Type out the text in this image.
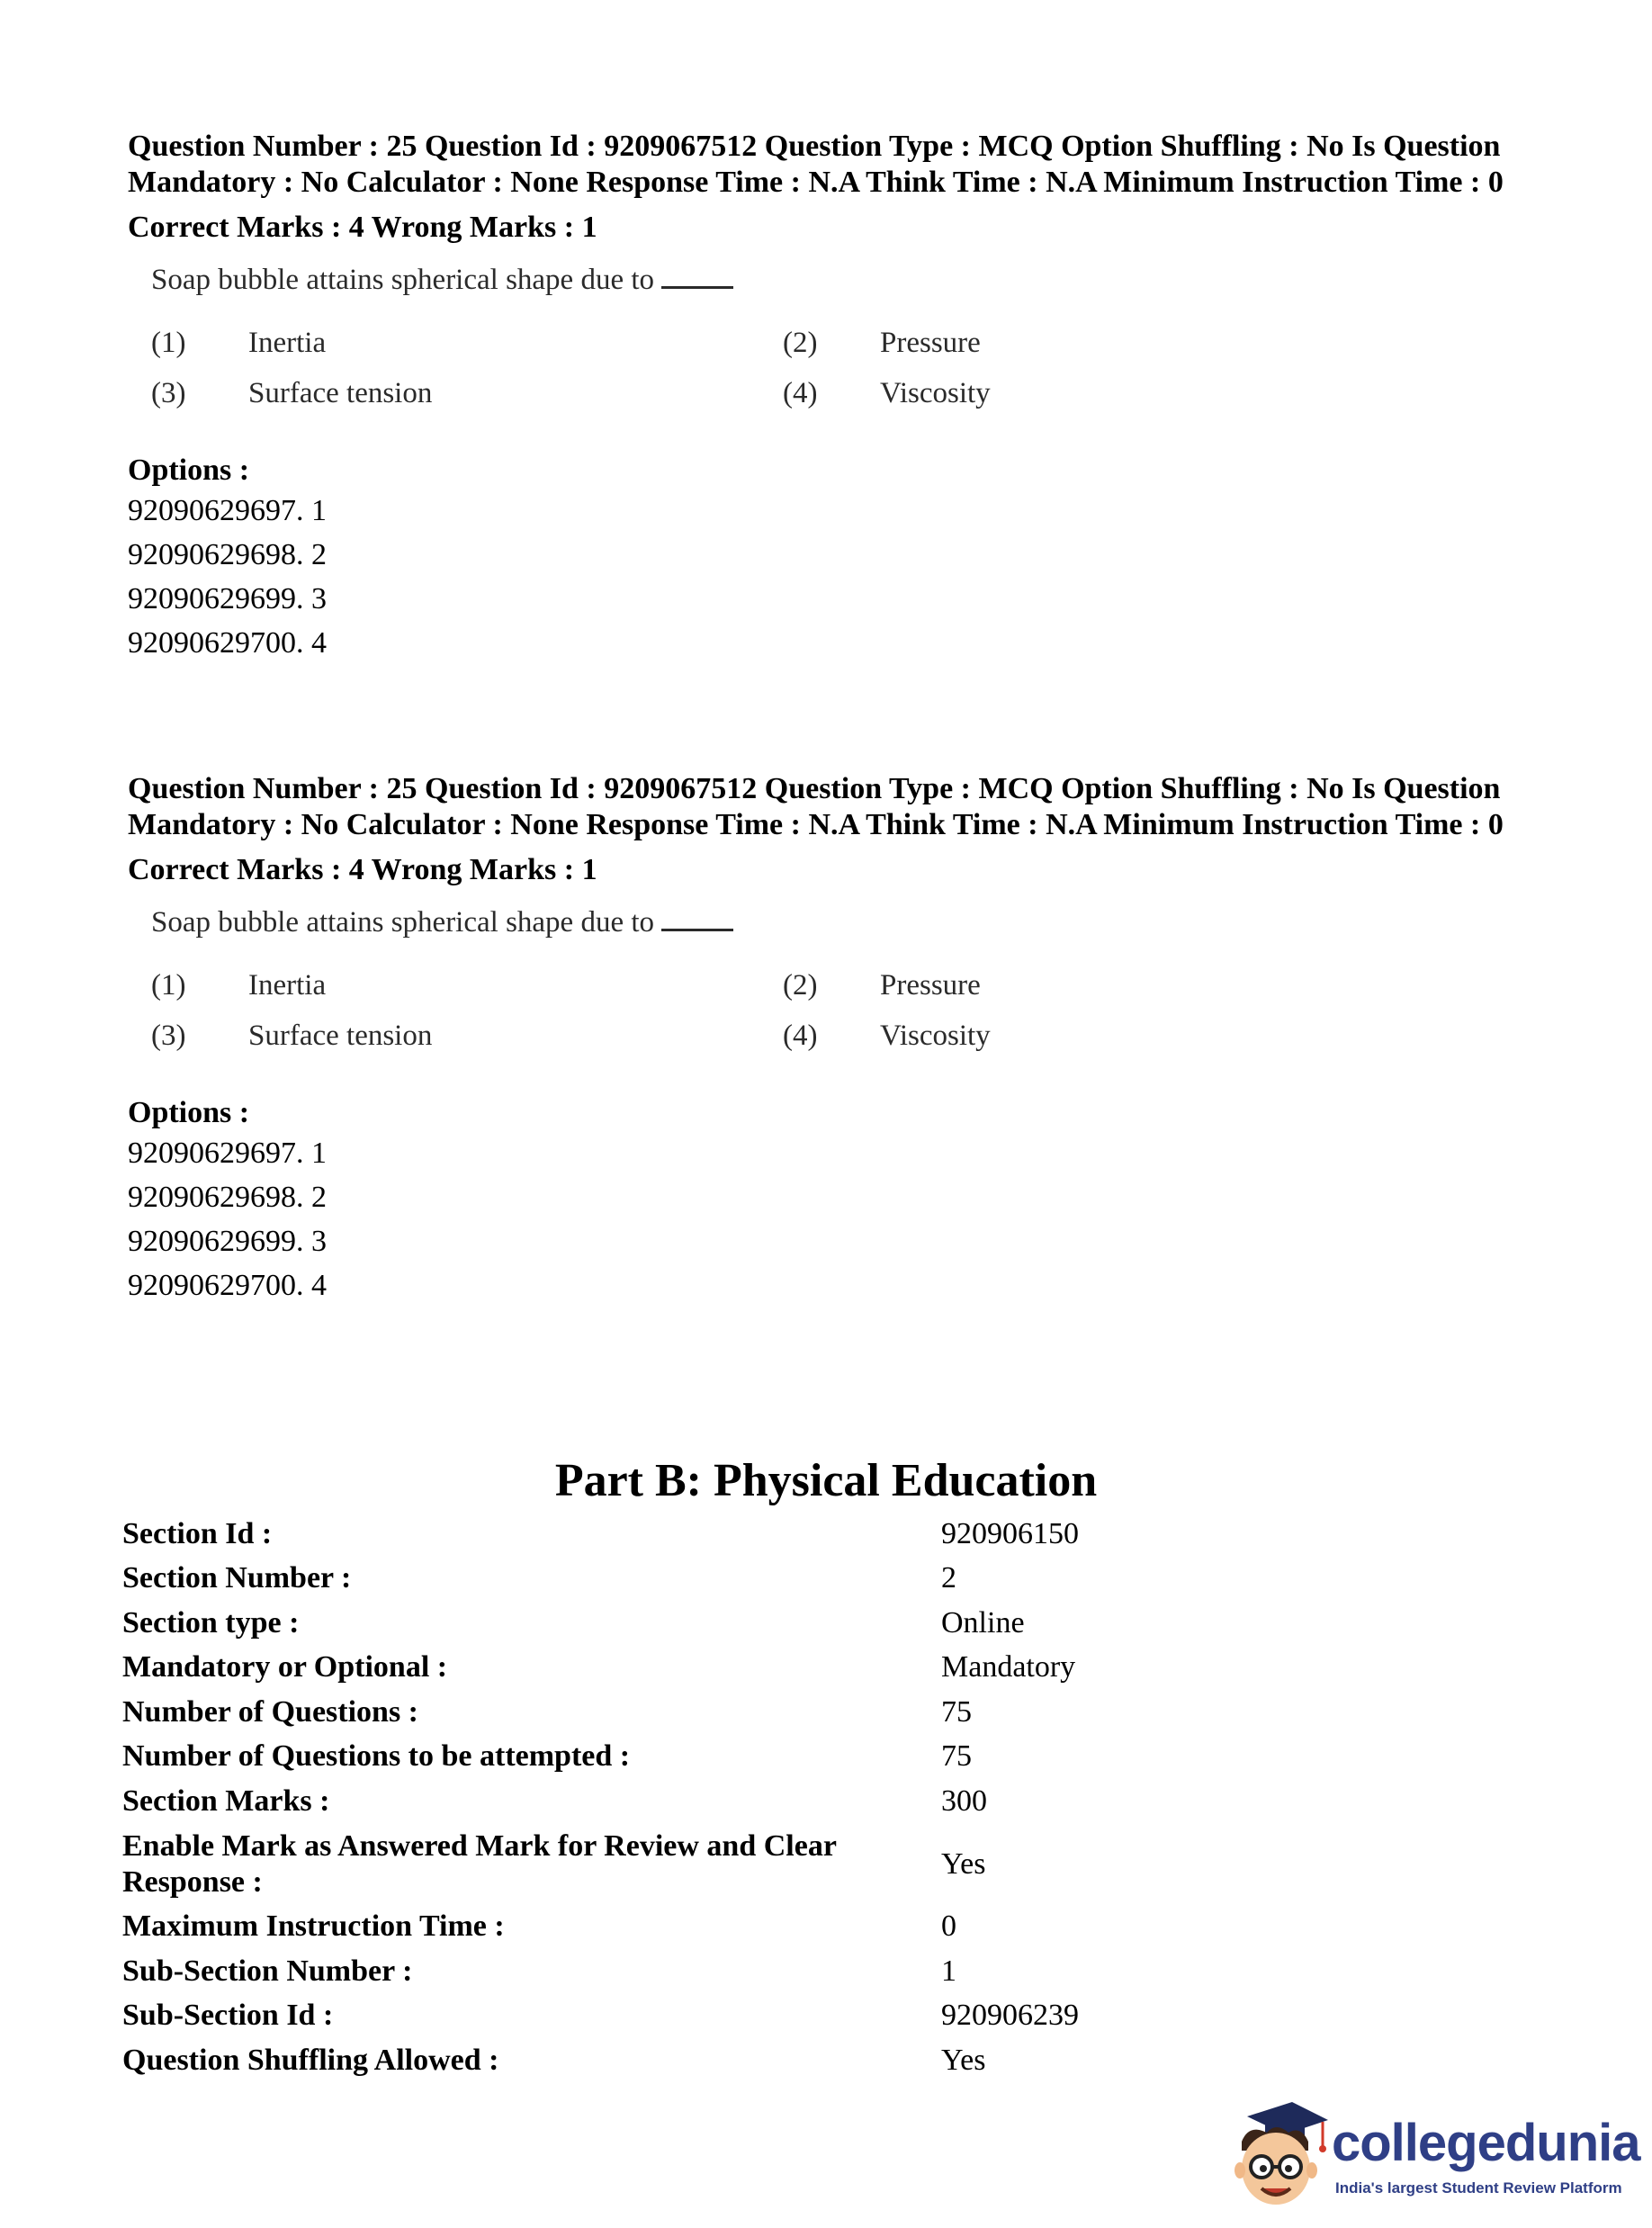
Question Number : 25 Question Id : 9209067512 Question Type : MCQ Option Shuffling : No Is Question Mandatory : No Calculator : None Response Time : N.A Think Time : N.A Minimum Instruction Time : 0

Correct Marks : 4 Wrong Marks : 1
Soap bubble attains spherical shape due to
(1) Inertia	(2) Pressure
(3) Surface tension	(4) Viscosity
Options :
92090629697. 1
92090629698. 2
92090629699. 3
92090629700. 4

Question Number : 25 Question Id : 9209067512 Question Type : MCQ Option Shuffling : No Is Question Mandatory : No Calculator : None Response Time : N.A Think Time : N.A Minimum Instruction Time : 0

Correct Marks : 4 Wrong Marks : 1
Soap bubble attains spherical shape due to
(1) Inertia	(2) Pressure
(3) Surface tension	(4) Viscosity
Options :
92090629697. 1
92090629698. 2
92090629699. 3
92090629700. 4
Part B: Physical Education
Section Id :	920906150
Section Number :	2
Section type :	Online
Mandatory or Optional :	Mandatory
Number of Questions :	75
Number of Questions to be attempted :	75
Section Marks :	300
Enable Mark as Answered Mark for Review and Clear Response :	Yes
Maximum Instruction Time :	0
Sub-Section Number :	1
Sub-Section Id :	920906239
Question Shuffling Allowed :	Yes
collegedunia
India's largest Student Review Platform
